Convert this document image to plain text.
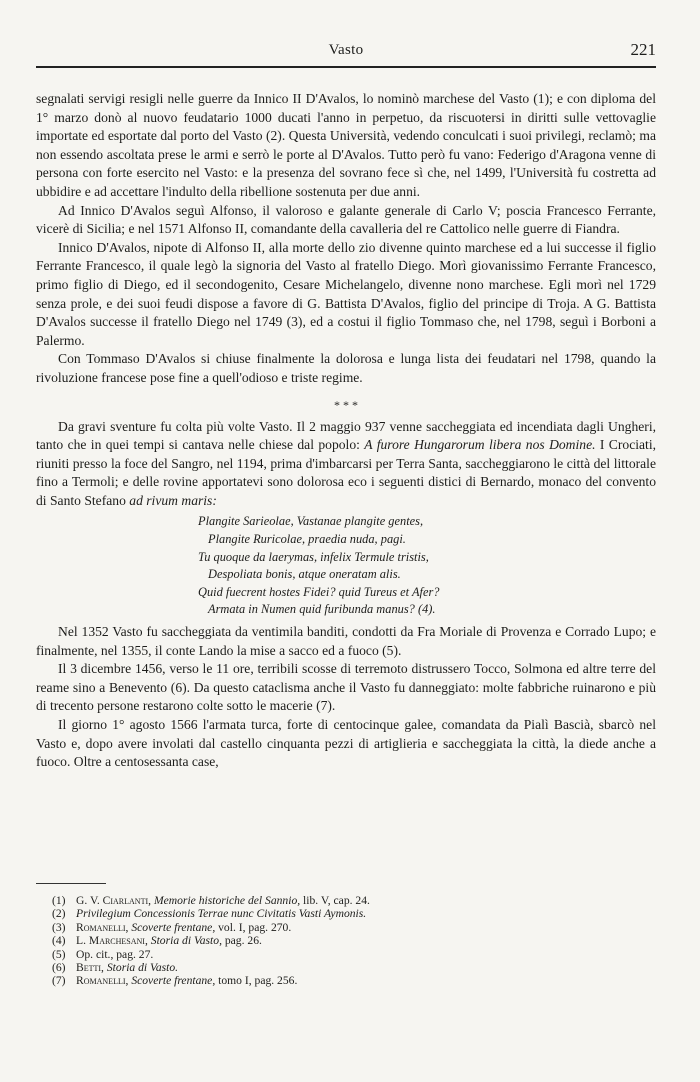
Vasto	221

segnalati servigi resigli nelle guerre da Innico II D'Avalos, lo nominò marchese del Vasto (1); e con diploma del 1° marzo donò al nuovo feudatario 1000 ducati l'anno in perpetuo, da riscuotersi in diritti sulle vettovaglie importate ed esportate dal porto del Vasto (2). Questa Università, vedendo conculcati i suoi privilegi, reclamò; ma non essendo ascoltata prese le armi e serrò le porte al D'Avalos. Tutto però fu vano: Federigo d'Aragona venne di persona con forte esercito nel Vasto: e la presenza del sovrano fece sì che, nel 1499, l'Università fu costretta ad ubbidire e ad accettare l'indulto della ribellione sostenuta per due anni.

Ad Innico D'Avalos seguì Alfonso, il valoroso e galante generale di Carlo V; poscia Francesco Ferrante, vicerè di Sicilia; e nel 1571 Alfonso II, comandante della cavalleria del re Cattolico nelle guerre di Fiandra.

Innico D'Avalos, nipote di Alfonso II, alla morte dello zio divenne quinto marchese ed a lui successe il figlio Ferrante Francesco, il quale legò la signoria del Vasto al fratello Diego. Morì giovanissimo Ferrante Francesco, primo figlio di Diego, ed il secondogenito, Cesare Michelangelo, divenne nono marchese. Egli morì nel 1729 senza prole, e dei suoi feudi dispose a favore di G. Battista D'Avalos, figlio del principe di Troja. A G. Battista D'Avalos successe il fratello Diego nel 1749 (3), ed a costui il figlio Tommaso che, nel 1798, seguì i Borboni a Palermo.

Con Tommaso D'Avalos si chiuse finalmente la dolorosa e lunga lista dei feudatari nel 1798, quando la rivoluzione francese pose fine a quell'odioso e triste regime.

* * *

Da gravi sventure fu colta più volte Vasto. Il 2 maggio 937 venne saccheggiata ed incendiata dagli Ungheri, tanto che in quei tempi si cantava nelle chiese dal popolo: A furore Hungarorum libera nos Domine. I Crociati, riuniti presso la foce del Sangro, nel 1194, prima d'imbarcarsi per Terra Santa, saccheggiarono le città del littorale fino a Termoli; e delle rovine apportatevi sono dolorosa eco i seguenti distici di Bernardo, monaco del convento di Santo Stefano ad rivum maris:

Plangite Sarieolae, Vastanae plangite gentes,
Plangite Ruricolae, praedia nuda, pagi.
Tu quoque da laerymas, infelix Termule tristis,
Despoliata bonis, atque oneratam alis.
Quid fuecrent hostes Fidei? quid Tureus et Afer?
Armata in Numen quid furibunda manus? (4).

Nel 1352 Vasto fu saccheggiata da ventimila banditi, condotti da Fra Moriale di Provenza e Corrado Lupo; e finalmente, nel 1355, il conte Lando la mise a sacco ed a fuoco (5).

Il 3 dicembre 1456, verso le 11 ore, terribili scosse di terremoto distrussero Tocco, Solmona ed altre terre del reame sino a Benevento (6). Da questo cataclisma anche il Vasto fu danneggiato: molte fabbriche ruinarono e più di trecento persone restarono colte sotto le macerie (7).

Il giorno 1° agosto 1566 l'armata turca, forte di centocinque galee, comandata da Pialì Bascià, sbarcò nel Vasto e, dopo avere involati dal castello cinquanta pezzi di artiglieria e saccheggiata la città, la diede anche a fuoco. Oltre a centosessanta case,

(1) G. V. Ciarlanti, Memorie historiche del Sannio, lib. V, cap. 24.
(2) Privilegium Concessionis Terrae nunc Civitatis Vasti Aymonis.
(3) Romanelli, Scoverte frentane, vol. I, pag. 270.
(4) L. Marchesani, Storia di Vasto, pag. 26.
(5) Op. cit., pag. 27.
(6) Betti, Storia di Vasto.
(7) Romanelli, Scoverte frentane, tomo I, pag. 256.
